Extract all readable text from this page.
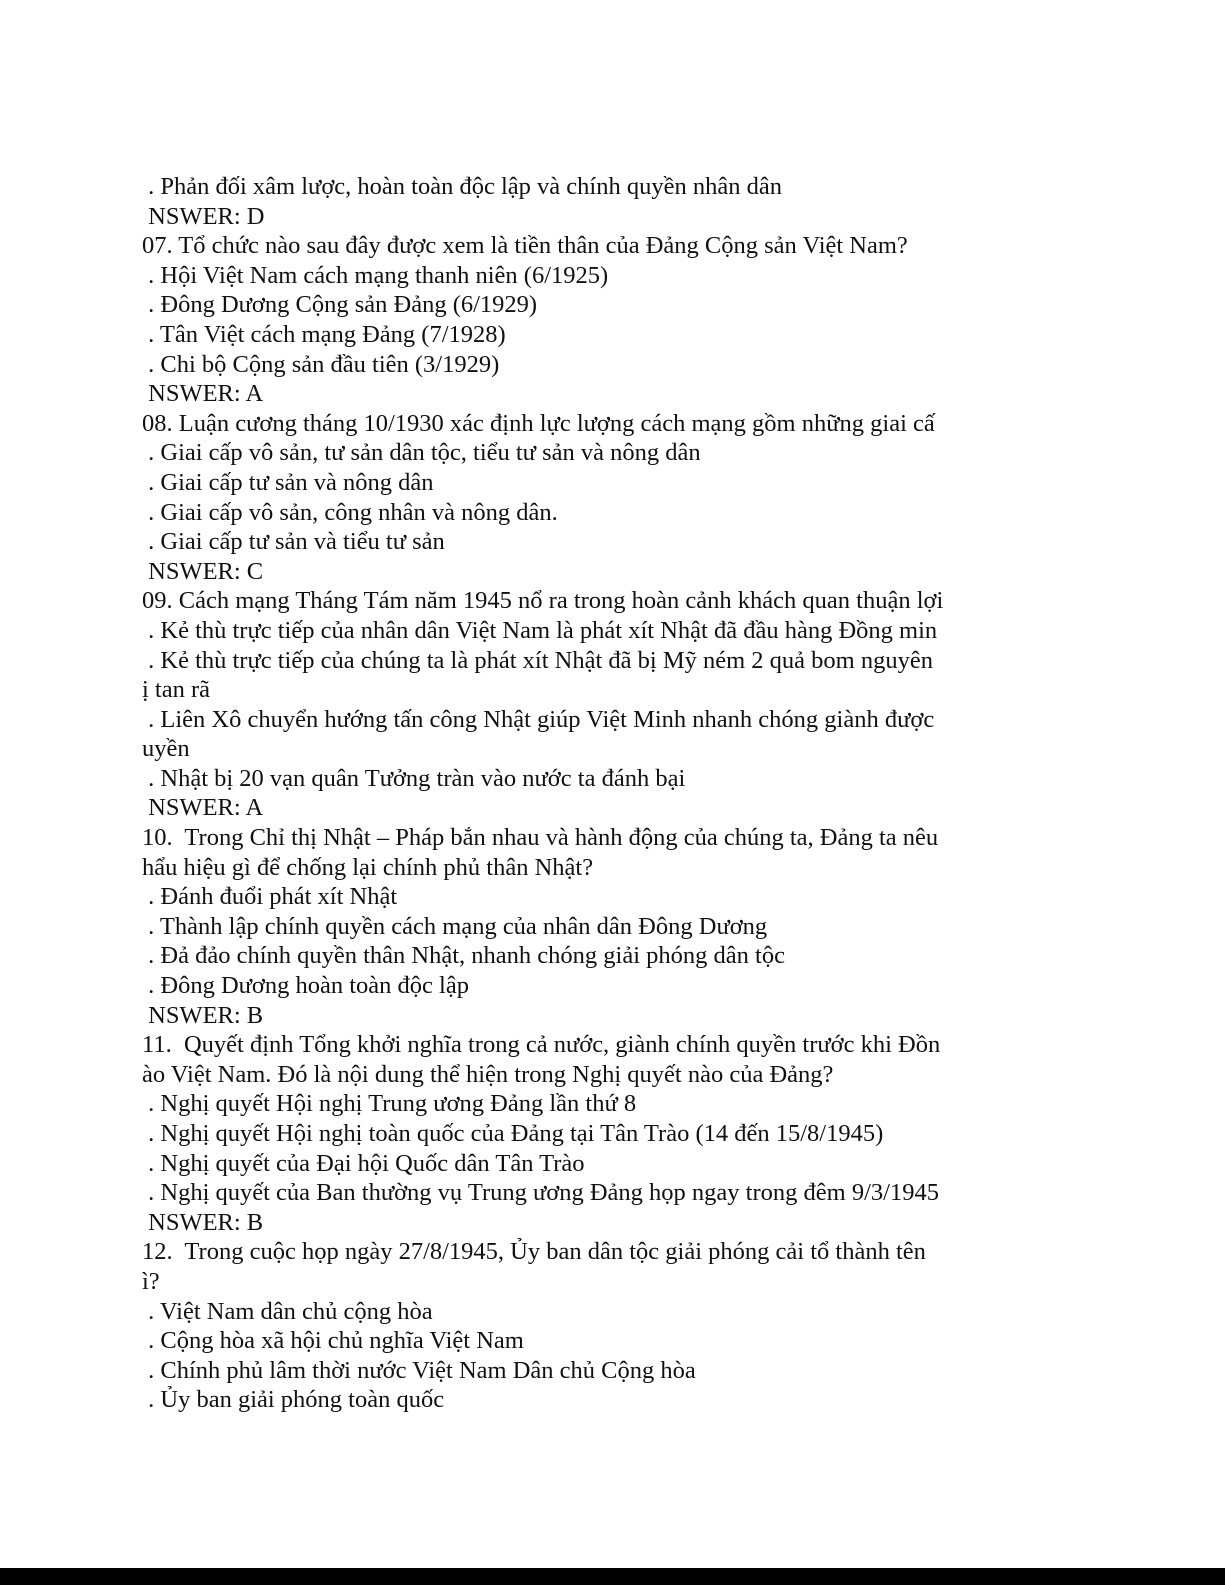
. Phản đối xâm lược, hoàn toàn độc lập và chính quyền nhân dân
NSWER: D
07. Tổ chức nào sau đây được xem là tiền thân của Đảng Cộng sản Việt Nam?
. Hội Việt Nam cách mạng thanh niên (6/1925)
. Đông Dương Cộng sản Đảng (6/1929)
. Tân Việt cách mạng Đảng (7/1928)
. Chi bộ Cộng sản đầu tiên (3/1929)
NSWER: A
08. Luận cương tháng 10/1930 xác định lực lượng cách mạng gồm những giai cấ
. Giai cấp vô sản, tư sản dân tộc, tiểu tư sản và nông dân
. Giai cấp tư sản và nông dân
. Giai cấp vô sản, công nhân và nông dân.
. Giai cấp tư sản và tiểu tư sản
NSWER: C
09. Cách mạng Tháng Tám năm 1945 nổ ra trong hoàn cảnh khách quan thuận lợi
. Kẻ thù trực tiếp của nhân dân Việt Nam là phát xít Nhật đã đầu hàng Đồng min
. Kẻ thù trực tiếp của chúng ta là phát xít Nhật đã bị Mỹ ném 2 quả bom nguyên
ị tan rã
. Liên Xô chuyển hướng tấn công Nhật giúp Việt Minh nhanh chóng giành được
uyền
. Nhật bị 20 vạn quân Tưởng tràn vào nước ta đánh bại
NSWER: A
10.  Trong Chỉ thị Nhật – Pháp bắn nhau và hành động của chúng ta, Đảng ta nêu
hẩu hiệu gì để chống lại chính phủ thân Nhật?
. Đánh đuổi phát xít Nhật
. Thành lập chính quyền cách mạng của nhân dân Đông Dương
. Đả đảo chính quyền thân Nhật, nhanh chóng giải phóng dân tộc
. Đông Dương hoàn toàn độc lập
NSWER: B
11.  Quyết định Tổng khởi nghĩa trong cả nước, giành chính quyền trước khi Đồn
ào Việt Nam. Đó là nội dung thể hiện trong Nghị quyết nào của Đảng?
. Nghị quyết Hội nghị Trung ương Đảng lần thứ 8
. Nghị quyết Hội nghị toàn quốc của Đảng tại Tân Trào (14 đến 15/8/1945)
. Nghị quyết của Đại hội Quốc dân Tân Trào
. Nghị quyết của Ban thường vụ Trung ương Đảng họp ngay trong đêm 9/3/1945
NSWER: B
12.  Trong cuộc họp ngày 27/8/1945, Ủy ban dân tộc giải phóng cải tổ thành tên
ì?
. Việt Nam dân chủ cộng hòa
. Cộng hòa xã hội chủ nghĩa Việt Nam
. Chính phủ lâm thời nước Việt Nam Dân chủ Cộng hòa
. Ủy ban giải phóng toàn quốc
